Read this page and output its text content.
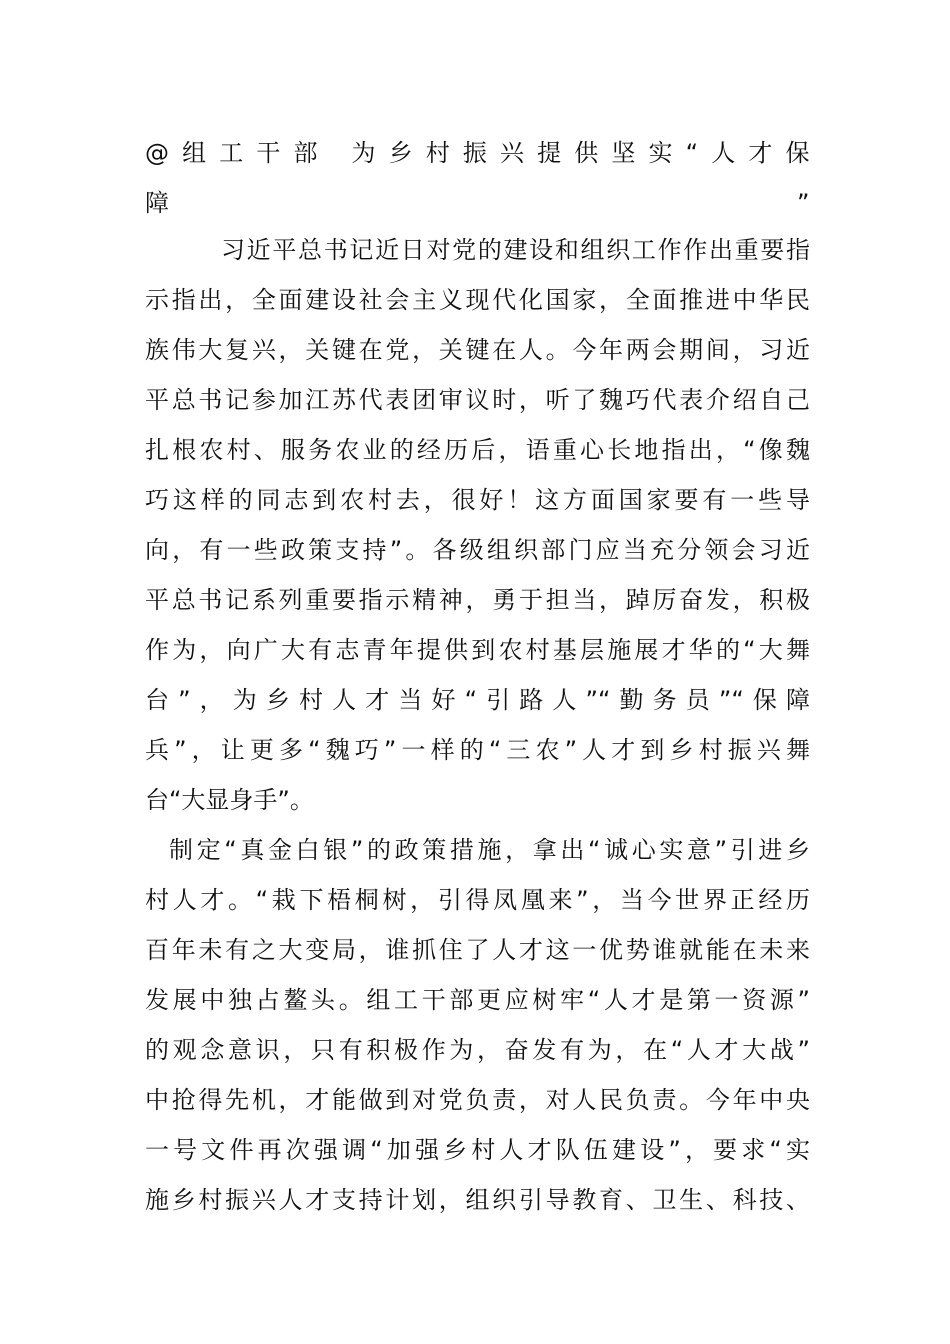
@组工干部 为乡村振兴提供坚实“人才保
障”
习近平总书记近日对党的建设和组织工作作出重要指
示指出，全面建设社会主义现代化国家，全面推进中华民
族伟大复兴，关键在党，关键在人。今年两会期间，习近
平总书记参加江苏代表团审议时，听了魏巧代表介绍自己
扎根农村、服务农业的经历后，语重心长地指出，“像魏
巧这样的同志到农村去，很好！这方面国家要有一些导
向，有一些政策支持”。各级组织部门应当充分领会习近
平总书记系列重要指示精神，勇于担当，踔厉奋发，积极
作为，向广大有志青年提供到农村基层施展才华的“大舞
台”，为乡村人才当好“引路人”“勤务员”“保障
兵”，让更多“魏巧”一样的“三农”人才到乡村振兴舞
台“大显身手”。
制定“真金白银”的政策措施，拿出“诚心实意”引进乡
村人才。“栽下梧桐树，引得凤凰来”，当今世界正经历
百年未有之大变局，谁抓住了人才这一优势谁就能在未来
发展中独占鳌头。组工干部更应树牢“人才是第一资源”
的观念意识，只有积极作为，奋发有为，在“人才大战”
中抢得先机，才能做到对党负责，对人民负责。今年中央
一号文件再次强调“加强乡村人才队伍建设”，要求“实
施乡村振兴人才支持计划，组织引导教育、卫生、科技、
